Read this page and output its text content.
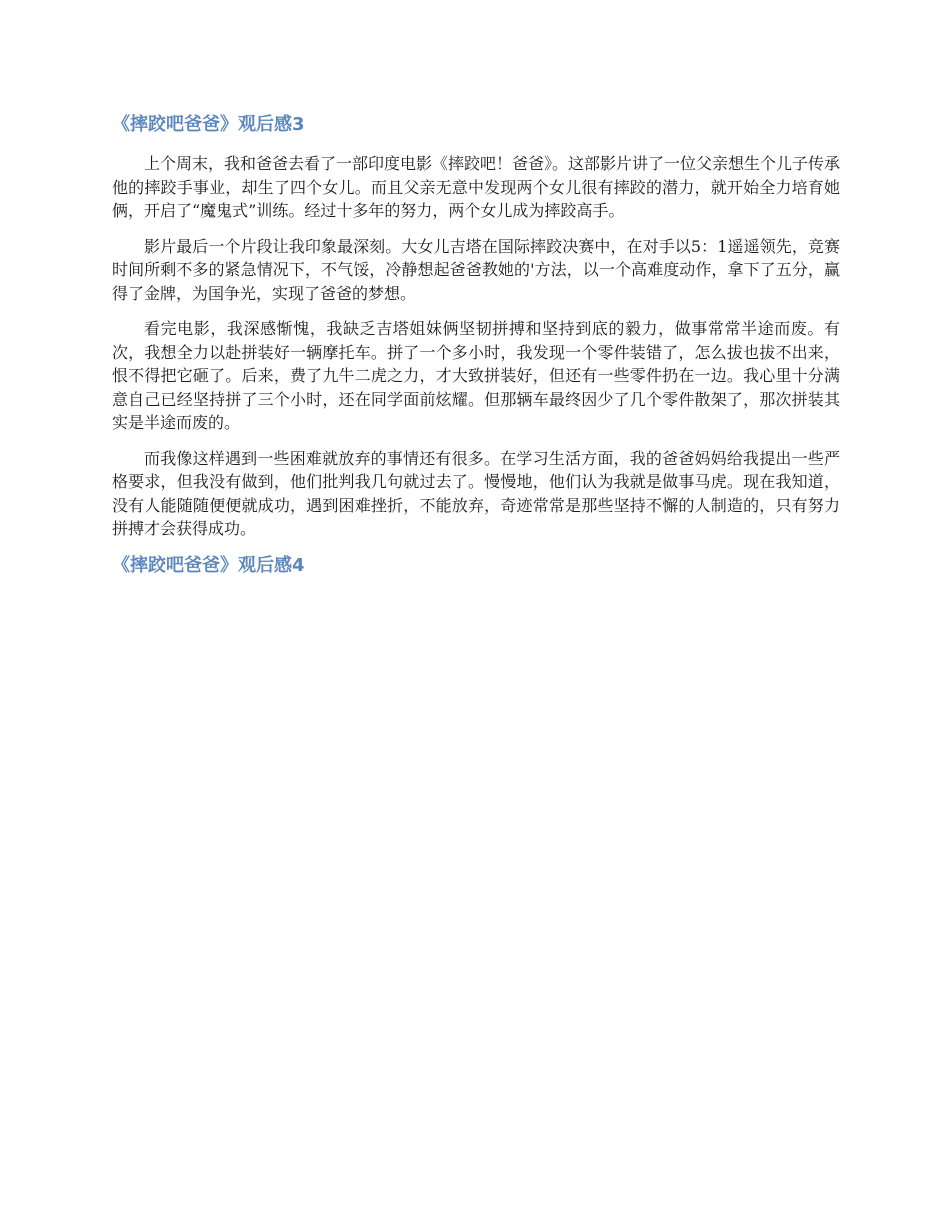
《摔跤吧爸爸》观后感3

上个周末，我和爸爸去看了一部印度电影《摔跤吧！爸爸》。这部影片讲了一位父亲想生个儿子传承他的摔跤手事业，却生了四个女儿。而且父亲无意中发现两个女儿很有摔跤的潜力，就开始全力培育她俩，开启了“魔鬼式”训练。经过十多年的努力，两个女儿成为摔跤高手。

影片最后一个片段让我印象最深刻。大女儿吉塔在国际摔跤决赛中，在对手以5：1遥遥领先，竞赛时间所剩不多的紧急情况下，不气馁，冷静想起爸爸教她的'方法，以一个高难度动作，拿下了五分，赢得了金牌，为国争光，实现了爸爸的梦想。

看完电影，我深感惭愧，我缺乏吉塔姐妹俩坚韧拼搏和坚持到底的毅力，做事常常半途而废。有次，我想全力以赴拼装好一辆摩托车。拼了一个多小时，我发现一个零件装错了，怎么拔也拔不出来，恨不得把它砸了。后来，费了九牛二虎之力，才大致拼装好，但还有一些零件扔在一边。我心里十分满意自己已经坚持拼了三个小时，还在同学面前炫耀。但那辆车最终因少了几个零件散架了，那次拼装其实是半途而废的。

而我像这样遇到一些困难就放弃的事情还有很多。在学习生活方面，我的爸爸妈妈给我提出一些严格要求，但我没有做到，他们批判我几句就过去了。慢慢地，他们认为我就是做事马虎。现在我知道，没有人能随随便便就成功，遇到困难挫折，不能放弃，奇迹常常是那些坚持不懈的人制造的，只有努力拼搏才会获得成功。

《摔跤吧爸爸》观后感4
